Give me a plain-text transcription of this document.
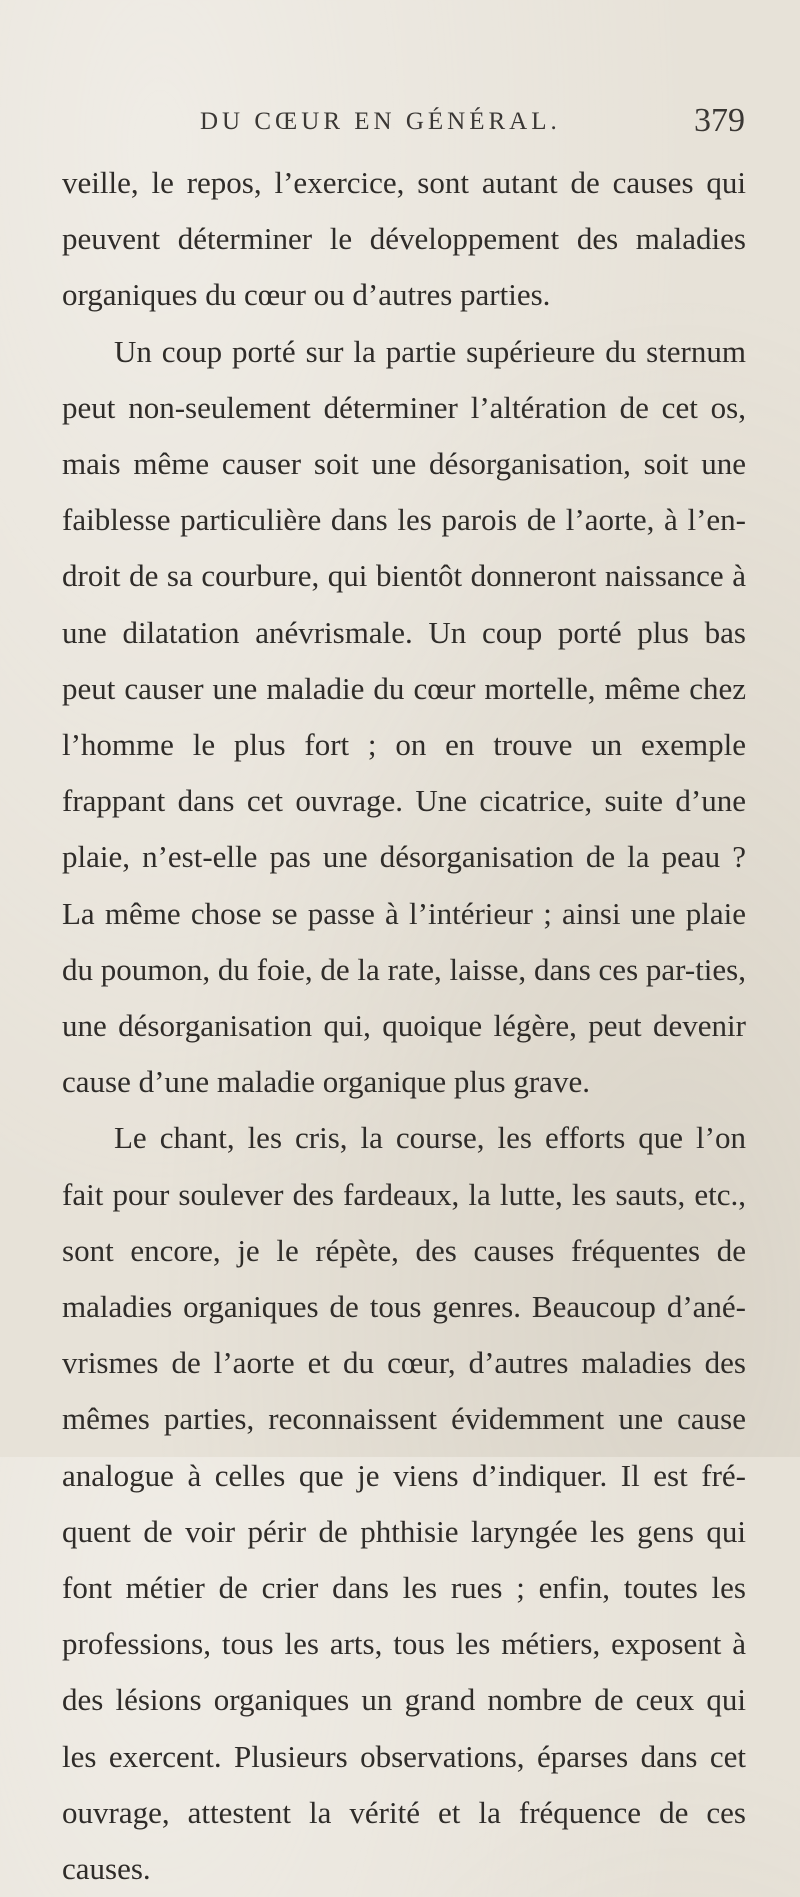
DU CŒUR EN GÉNÉRAL.	379

veille, le repos, l’exercice, sont autant de causes qui peuvent déterminer le développement des maladies organiques du cœur ou d’autres parties.

Un coup porté sur la partie supérieure du sternum peut non-seulement déterminer l’altération de cet os, mais même causer soit une désorganisation, soit une faiblesse particulière dans les parois de l’aorte, à l’en-droit de sa courbure, qui bientôt donneront naissance à une dilatation anévrismale. Un coup porté plus bas peut causer une maladie du cœur mortelle, même chez l’homme le plus fort ; on en trouve un exemple frappant dans cet ouvrage. Une cicatrice, suite d’une plaie, n’est-elle pas une désorganisation de la peau ? La même chose se passe à l’intérieur ; ainsi une plaie du poumon, du foie, de la rate, laisse, dans ces par-ties, une désorganisation qui, quoique légère, peut devenir cause d’une maladie organique plus grave.

Le chant, les cris, la course, les efforts que l’on fait pour soulever des fardeaux, la lutte, les sauts, etc., sont encore, je le répète, des causes fréquentes de maladies organiques de tous genres. Beaucoup d’ané-vrismes de l’aorte et du cœur, d’autres maladies des mêmes parties, reconnaissent évidemment une cause analogue à celles que je viens d’indiquer. Il est fré-quent de voir périr de phthisie laryngée les gens qui font métier de crier dans les rues ; enfin, toutes les professions, tous les arts, tous les métiers, exposent à des lésions organiques un grand nombre de ceux qui les exercent. Plusieurs observations, éparses dans cet ouvrage, attestent la vérité et la fréquence de ces causes.
